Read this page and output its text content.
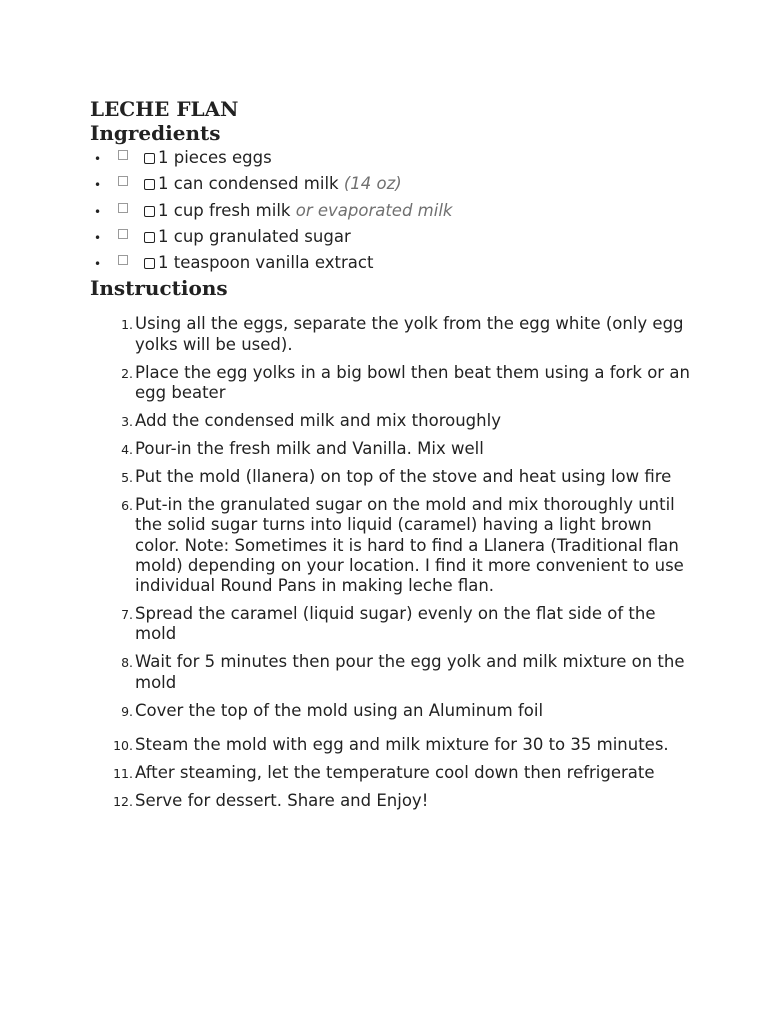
LECHE FLAN
Ingredients
•	1 pieces eggs
•	1 can condensed milk (14 oz)
•	1 cup fresh milk or evaporated milk
•	1 cup granulated sugar
•	1 teaspoon vanilla extract
Instructions
1. Using all the eggs, separate the yolk from the egg white (only egg yolks will be used).
2. Place the egg yolks in a big bowl then beat them using a fork or an egg beater
3. Add the condensed milk and mix thoroughly
4. Pour-in the fresh milk and Vanilla. Mix well
5. Put the mold (llanera) on top of the stove and heat using low fire
6. Put-in the granulated sugar on the mold and mix thoroughly until the solid sugar turns into liquid (caramel) having a light brown color. Note: Sometimes it is hard to find a Llanera (Traditional flan mold) depending on your location. I find it more convenient to use individual Round Pans in making leche flan.
7. Spread the caramel (liquid sugar) evenly on the flat side of the mold
8. Wait for 5 minutes then pour the egg yolk and milk mixture on the mold
9. Cover the top of the mold using an Aluminum foil
10. Steam the mold with egg and milk mixture for 30 to 35 minutes.
11. After steaming, let the temperature cool down then refrigerate
12. Serve for dessert. Share and Enjoy!
